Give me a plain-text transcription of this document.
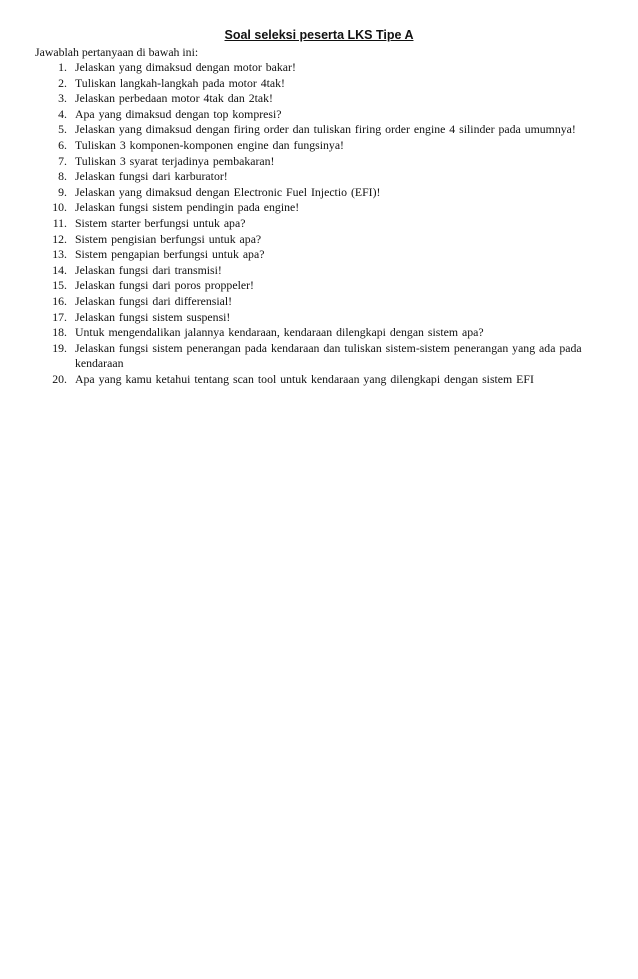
Soal seleksi peserta LKS Tipe A
Jawablah pertanyaan di bawah ini:
1. Jelaskan yang dimaksud dengan motor bakar!
2. Tuliskan langkah-langkah pada motor 4tak!
3. Jelaskan perbedaan motor 4tak dan 2tak!
4. Apa yang dimaksud dengan top kompresi?
5. Jelaskan yang dimaksud dengan firing order dan tuliskan firing order engine 4 silinder pada umumnya!
6. Tuliskan 3 komponen-komponen engine dan fungsinya!
7. Tuliskan 3 syarat terjadinya pembakaran!
8. Jelaskan fungsi dari karburator!
9. Jelaskan yang dimaksud dengan Electronic Fuel Injectio (EFI)!
10. Jelaskan fungsi sistem pendingin pada engine!
11. Sistem starter berfungsi untuk apa?
12. Sistem pengisian berfungsi untuk apa?
13. Sistem pengapian berfungsi untuk apa?
14. Jelaskan fungsi dari transmisi!
15. Jelaskan fungsi dari poros proppeler!
16. Jelaskan fungsi dari differensial!
17. Jelaskan fungsi sistem suspensi!
18. Untuk mengendalikan jalannya kendaraan, kendaraan dilengkapi dengan sistem apa?
19. Jelaskan fungsi sistem penerangan pada kendaraan dan tuliskan sistem-sistem penerangan yang ada pada kendaraan
20. Apa yang kamu ketahui tentang scan tool untuk kendaraan yang dilengkapi dengan sistem EFI
